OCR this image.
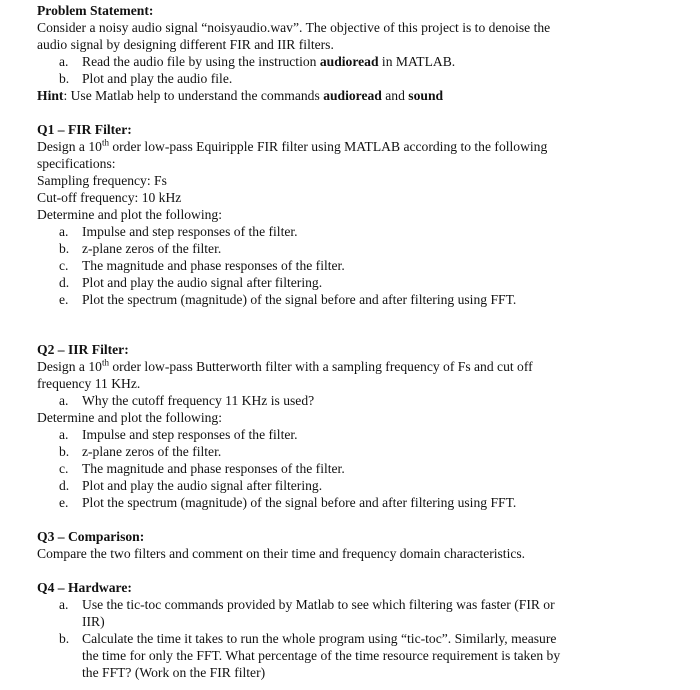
Problem Statement:
Consider a noisy audio signal “noisyaudio.wav”. The objective of this project is to denoise the
audio signal by designing different FIR and IIR filters.
a. Read the audio file by using the instruction audioread in MATLAB.
b. Plot and play the audio file.
Hint: Use Matlab help to understand the commands audioread and sound
Q1 – FIR Filter:
Design a 10th order low-pass Equiripple FIR filter using MATLAB according to the following
specifications:
Sampling frequency: Fs
Cut-off frequency: 10 kHz
Determine and plot the following:
a. Impulse and step responses of the filter.
b. z-plane zeros of the filter.
c. The magnitude and phase responses of the filter.
d. Plot and play the audio signal after filtering.
e. Plot the spectrum (magnitude) of the signal before and after filtering using FFT.
Q2 – IIR Filter:
Design a 10th order low-pass Butterworth filter with a sampling frequency of Fs and cut off
frequency 11 KHz.
a. Why the cutoff frequency 11 KHz is used?
Determine and plot the following:
a. Impulse and step responses of the filter.
b. z-plane zeros of the filter.
c. The magnitude and phase responses of the filter.
d. Plot and play the audio signal after filtering.
e. Plot the spectrum (magnitude) of the signal before and after filtering using FFT.
Q3 – Comparison:
Compare the two filters and comment on their time and frequency domain characteristics.
Q4 – Hardware:
a. Use the tic-toc commands provided by Matlab to see which filtering was faster (FIR or
IIR)
b. Calculate the time it takes to run the whole program using “tic-toc”. Similarly, measure
the time for only the FFT. What percentage of the time resource requirement is taken by
the FFT? (Work on the FIR filter)
